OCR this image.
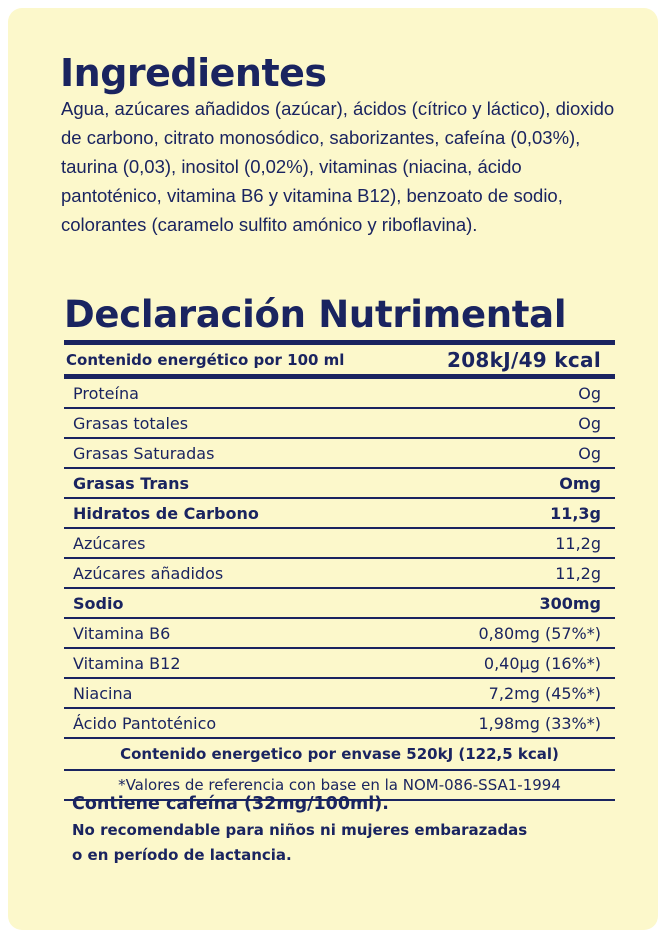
Ingredientes

Agua, azúcares añadidos (azúcar), ácidos (cítrico y láctico), dioxido de carbono, citrato monosódico, saborizantes, cafeína (0,03%), taurina (0,03), inositol (0,02%), vitaminas (niacina, ácido pantoténico, vitamina B6 y vitamina B12), benzoato de sodio, colorantes (caramelo sulfito amónico y riboflavina).

Declaración Nutrimental
Contenido energético por 100 ml	208kJ/49 kcal
Proteína	Og
Grasas totales	Og
Grasas Saturadas	Og
Grasas Trans	Omg
Hidratos de Carbono	11,3g
Azúcares	11,2g
Azúcares añadidos	11,2g
Sodio	300mg
Vitamina B6	0,80mg (57%*)
Vitamina B12	0,40µg (16%*)
Niacina	7,2mg (45%*)
Ácido Pantoténico	1,98mg (33%*)
Contenido energetico por envase 520kJ (122,5 kcal)
*Valores de referencia con base en la NOM-086-SSA1-1994

Contiene cafeína (32mg/100ml).

No recomendable para niños ni mujeres embarazadas

o en período de lactancia.
